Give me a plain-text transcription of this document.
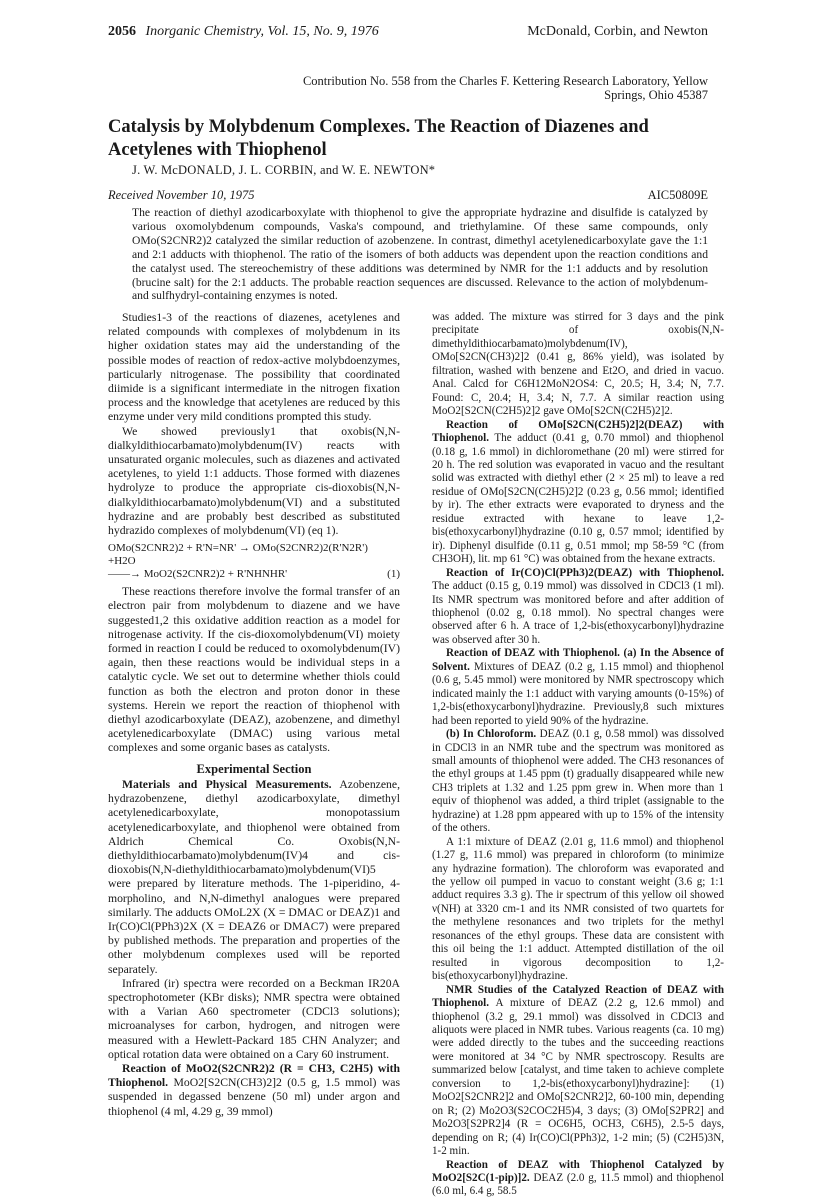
2056 Inorganic Chemistry, Vol. 15, No. 9, 1976	McDonald, Corbin, and Newton
Contribution No. 558 from the Charles F. Kettering Research Laboratory, Yellow Springs, Ohio 45387
Catalysis by Molybdenum Complexes. The Reaction of Diazenes and Acetylenes with Thiophenol
J. W. McDONALD, J. L. CORBIN, and W. E. NEWTON*
Received November 10, 1975	AIC50809E
The reaction of diethyl azodicarboxylate with thiophenol to give the appropriate hydrazine and disulfide is catalyzed by various oxomolybdenum compounds, Vaska's compound, and triethylamine. Of these same compounds, only OMo(S2CNR2)2 catalyzed the similar reduction of azobenzene. In contrast, dimethyl acetylenedicarboxylate gave the 1:1 and 2:1 adducts with thiophenol. The ratio of the isomers of both adducts was dependent upon the reaction conditions and the catalyst used. The stereochemistry of these additions was determined by NMR for the 1:1 adducts and by resolution (brucine salt) for the 2:1 adducts. The probable reaction sequences are discussed. Relevance to the action of molybdenum- and sulfhydryl-containing enzymes is noted.

Studies1-3 of the reactions of diazenes, acetylenes and related compounds with complexes of molybdenum in its higher oxidation states may aid the understanding of the possible modes of reaction of redox-active molybdoenzymes, particularly nitrogenase. The possibility that coordinated diimide is a significant intermediate in the nitrogen fixation process and the knowledge that acetylenes are reduced by this enzyme under very mild conditions prompted this study.

We showed previously1 that oxobis(N,N-dialkyldithiocarbamato)molybdenum(IV) reacts with unsaturated organic molecules, such as diazenes and activated acetylenes, to yield 1:1 adducts. Those formed with diazenes hydrolyze to produce the appropriate cis-dioxobis(N,N-dialkyldithiocarbamato)molybdenum(VI) and a substituted hydrazine and are probably best described as substituted hydrazido complexes of molybdenum(VI) (eq 1).

OMo(S2CNR2)2 + R'N=NR' → OMo(S2CNR2)2(R'N2R')
+H2O
——→ MoO2(S2CNR2)2 + R'NHNHR'	(1)

These reactions therefore involve the formal transfer of an electron pair from molybdenum to diazene and we have suggested1,2 this oxidative addition reaction as a model for nitrogenase activity. If the cis-dioxomolybdenum(VI) moiety formed in reaction I could be reduced to oxomolybdenum(IV) again, then these reactions would be individual steps in a catalytic cycle. We set out to determine whether thiols could function as both the electron and proton donor in these systems. Herein we report the reaction of thiophenol with diethyl azodicarboxylate (DEAZ), azobenzene, and dimethyl acetylenedicarboxylate (DMAC) using various metal complexes and some organic bases as catalysts.

Experimental Section

Materials and Physical Measurements. Azobenzene, hydrazobenzene, diethyl azodicarboxylate, dimethyl acetylenedicarboxylate, monopotassium acetylenedicarboxylate, and thiophenol were obtained from Aldrich Chemical Co. Oxobis(N,N-diethyldithiocarbamato)molybdenum(IV)4 and cis-dioxobis(N,N-diethyldithiocarbamato)molybdenum(VI)5 were prepared by literature methods. The 1-piperidino, 4-morpholino, and N,N-dimethyl analogues were prepared similarly. The adducts OMoL2X (X = DMAC or DEAZ)1 and Ir(CO)Cl(PPh3)2X (X = DEAZ6 or DMAC7) were prepared by published methods. The preparation and properties of the other molybdenum complexes used will be reported separately.

Infrared (ir) spectra were recorded on a Beckman IR20A spectrophotometer (KBr disks); NMR spectra were obtained with a Varian A60 spectrometer (CDCl3 solutions); microanalyses for carbon, hydrogen, and nitrogen were measured with a Hewlett-Packard 185 CHN Analyzer; and optical rotation data were obtained on a Cary 60 instrument.

Reaction of MoO2(S2CNR2)2 (R = CH3, C2H5) with Thiophenol. MoO2[S2CN(CH3)2]2 (0.5 g, 1.5 mmol) was suspended in degassed benzene (50 ml) under argon and thiophenol (4 ml, 4.29 g, 39 mmol)

was added. The mixture was stirred for 3 days and the pink precipitate of oxobis(N,N-dimethyldithiocarbamato)molybdenum(IV), OMo[S2CN(CH3)2]2 (0.41 g, 86% yield), was isolated by filtration, washed with benzene and Et2O, and dried in vacuo. Anal. Calcd for C6H12MoN2OS4: C, 20.5; H, 3.4; N, 7.7. Found: C, 20.4; H, 3.4; N, 7.7. A similar reaction using MoO2[S2CN(C2H5)2]2 gave OMo[S2CN(C2H5)2]2.

Reaction of OMo[S2CN(C2H5)2]2(DEAZ) with Thiophenol. The adduct (0.41 g, 0.70 mmol) and thiophenol (0.18 g, 1.6 mmol) in dichloromethane (20 ml) were stirred for 20 h. The red solution was evaporated in vacuo and the resultant solid was extracted with diethyl ether (2 × 25 ml) to leave a red residue of OMo[S2CN(C2H5)2]2 (0.23 g, 0.56 mmol; identified by ir). The ether extracts were evaporated to dryness and the residue extracted with hexane to leave 1,2-bis(ethoxycarbonyl)hydrazine (0.10 g, 0.57 mmol; identified by ir). Diphenyl disulfide (0.11 g, 0.51 mmol; mp 58-59 °C (from CH3OH), lit. mp 61 °C) was obtained from the hexane extracts.

Reaction of Ir(CO)Cl(PPh3)2(DEAZ) with Thiophenol. The adduct (0.15 g, 0.19 mmol) was dissolved in CDCl3 (1 ml). Its NMR spectrum was monitored before and after addition of thiophenol (0.02 g, 0.18 mmol). No spectral changes were observed after 6 h. A trace of 1,2-bis(ethoxycarbonyl)hydrazine was observed after 30 h.

Reaction of DEAZ with Thiophenol. (a) In the Absence of Solvent. Mixtures of DEAZ (0.2 g, 1.15 mmol) and thiophenol (0.6 g, 5.45 mmol) were monitored by NMR spectroscopy which indicated mainly the 1:1 adduct with varying amounts (0-15%) of 1,2-bis(ethoxycarbonyl)hydrazine. Previously,8 such mixtures had been reported to yield 90% of the hydrazine.

(b) In Chloroform. DEAZ (0.1 g, 0.58 mmol) was dissolved in CDCl3 in an NMR tube and the spectrum was monitored as small amounts of thiophenol were added. The CH3 resonances of the ethyl groups at 1.45 ppm (t) gradually disappeared while new CH3 triplets at 1.32 and 1.25 ppm grew in. When more than 1 equiv of thiophenol was added, a third triplet (assignable to the hydrazine) at 1.28 ppm appeared with up to 15% of the intensity of the others.

A 1:1 mixture of DEAZ (2.01 g, 11.6 mmol) and thiophenol (1.27 g, 11.6 mmol) was prepared in chloroform (to minimize any hydrazine formation). The chloroform was evaporated and the yellow oil pumped in vacuo to constant weight (3.6 g; 1:1 adduct requires 3.3 g). The ir spectrum of this yellow oil showed ν(NH) at 3320 cm-1 and its NMR consisted of two quartets for the methylene resonances and two triplets for the methyl resonances of the ethyl groups. These data are consistent with this oil being the 1:1 adduct. Attempted distillation of the oil resulted in vigorous decomposition to 1,2-bis(ethoxycarbonyl)hydrazine.

NMR Studies of the Catalyzed Reaction of DEAZ with Thiophenol. A mixture of DEAZ (2.2 g, 12.6 mmol) and thiophenol (3.2 g, 29.1 mmol) was dissolved in CDCl3 and aliquots were placed in NMR tubes. Various reagents (ca. 10 mg) were added directly to the tubes and the succeeding reactions were monitored at 34 °C by NMR spectroscopy. Results are summarized below [catalyst, and time taken to achieve complete conversion to 1,2-bis(ethoxycarbonyl)hydrazine]: (1) MoO2[S2CNR2]2 and OMo[S2CNR2]2, 60-100 min, depending on R; (2) Mo2O3(S2COC2H5)4, 3 days; (3) OMo[S2PR2] and Mo2O3[S2PR2]4 (R = OC6H5, OCH3, C6H5), 2.5-5 days, depending on R; (4) Ir(CO)Cl(PPh3)2, 1-2 min; (5) (C2H5)3N, 1-2 min.

Reaction of DEAZ with Thiophenol Catalyzed by MoO2[S2C(1-pip)]2. DEAZ (2.0 g, 11.5 mmol) and thiophenol (6.0 ml, 6.4 g, 58.5
